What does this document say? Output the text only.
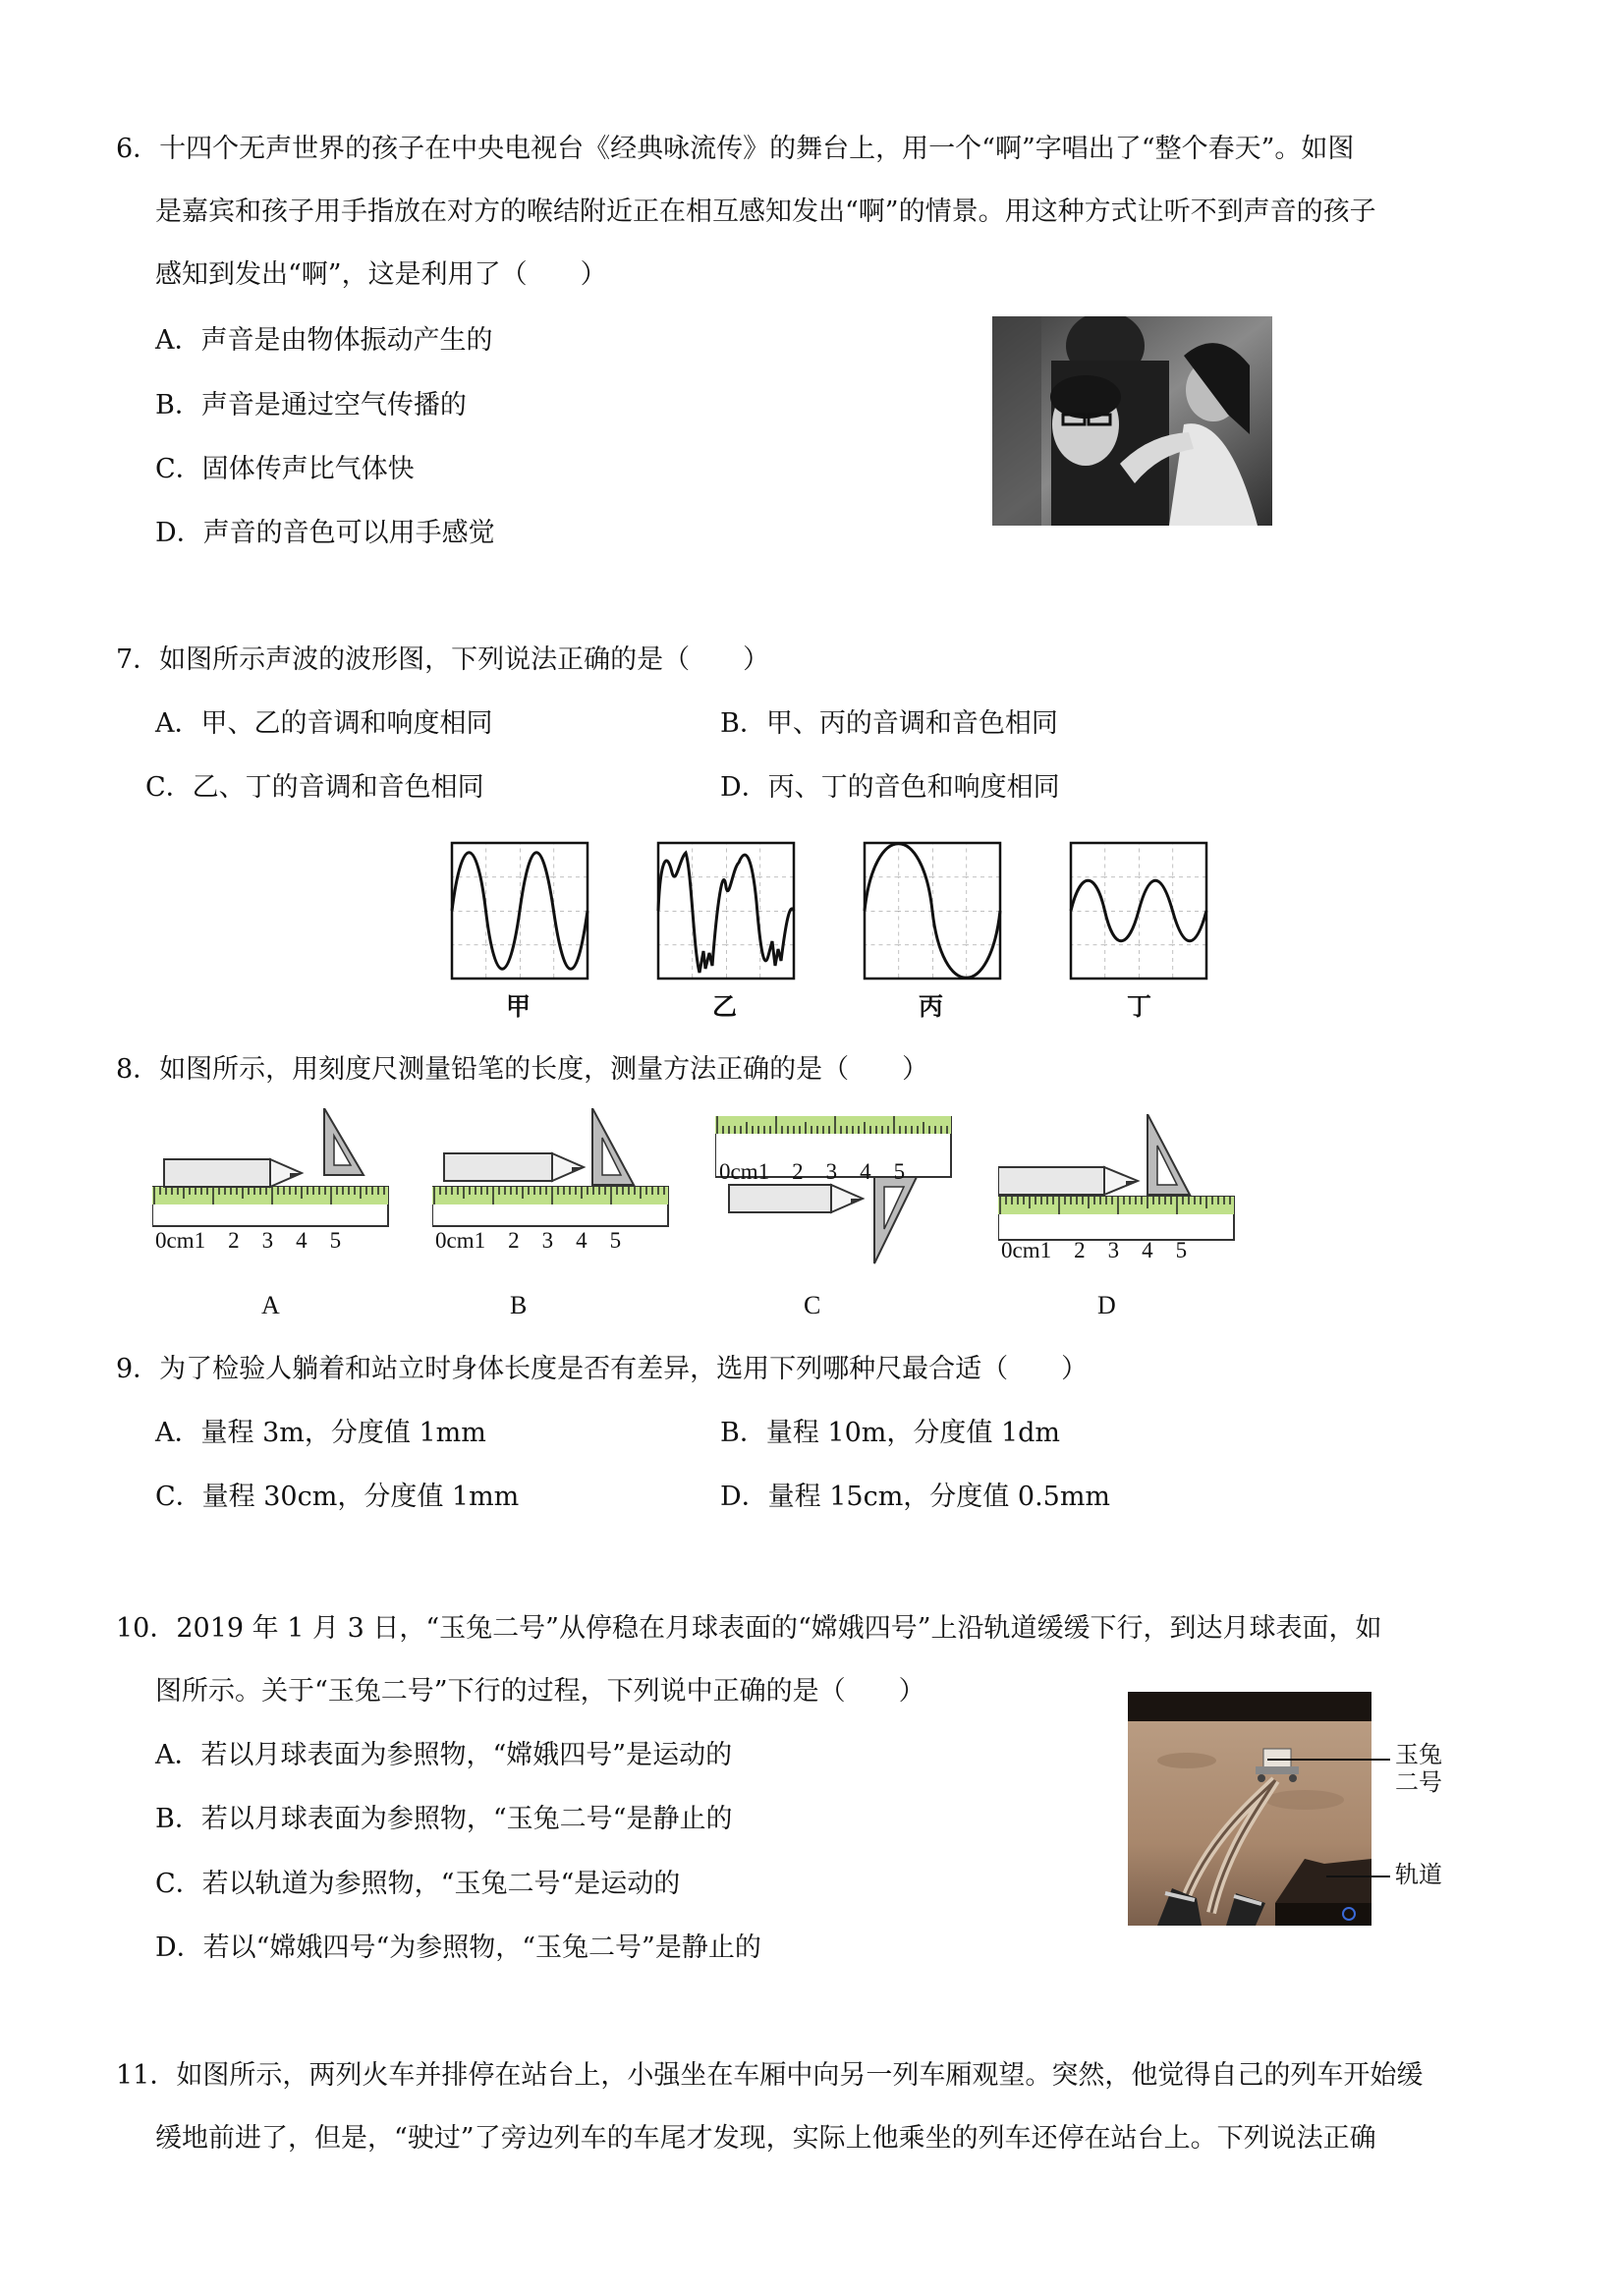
6．十四个无声世界的孩子在中央电视台《经典咏流传》的舞台上，用一个“啊”字唱出了“整个春天”。如图
是嘉宾和孩子用手指放在对方的喉结附近正在相互感知发出“啊”的情景。用这种方式让听不到声音的孩子
感知到发出“啊”，这是利用了（　　）
A．声音是由物体振动产生的
B．声音是通过空气传播的
C．固体传声比气体快
D．声音的音色可以用手感觉
7．如图所示声波的波形图，下列说法正确的是（　　）
A．甲、乙的音调和响度相同	B．甲、丙的音调和音色相同
C．乙、丁的音调和音色相同	D．丙、丁的音色和响度相同
甲	乙	丙	丁
8．如图所示，用刻度尺测量铅笔的长度，测量方法正确的是（　　）
0cm1　2　3　4　5	0cm1　2　3　4　5
0cm1　2　3　4　5
0cm1　2　3　4　5
A	B	C	D
9．为了检验人躺着和站立时身体长度是否有差异，选用下列哪种尺最合适（　　）
A．量程 3m，分度值 1mm	B．量程 10m，分度值 1dm
C．量程 30cm，分度值 1mm	D．量程 15cm，分度值 0.5mm
10．2019 年 1 月 3 日，“玉兔二号”从停稳在月球表面的“嫦娥四号”上沿轨道缓缓下行，到达月球表面，如
图所示。关于“玉兔二号”下行的过程，下列说中正确的是（　　）
A．若以月球表面为参照物，“嫦娥四号”是运动的
B．若以月球表面为参照物，“玉兔二号“是静止的
C．若以轨道为参照物，“玉兔二号“是运动的
D．若以“嫦娥四号“为参照物，“玉兔二号”是静止的
玉兔
二号
轨道
11．如图所示，两列火车并排停在站台上，小强坐在车厢中向另一列车厢观望。突然，他觉得自己的列车开始缓
缓地前进了，但是，“驶过”了旁边列车的车尾才发现，实际上他乘坐的列车还停在站台上。下列说法正确
